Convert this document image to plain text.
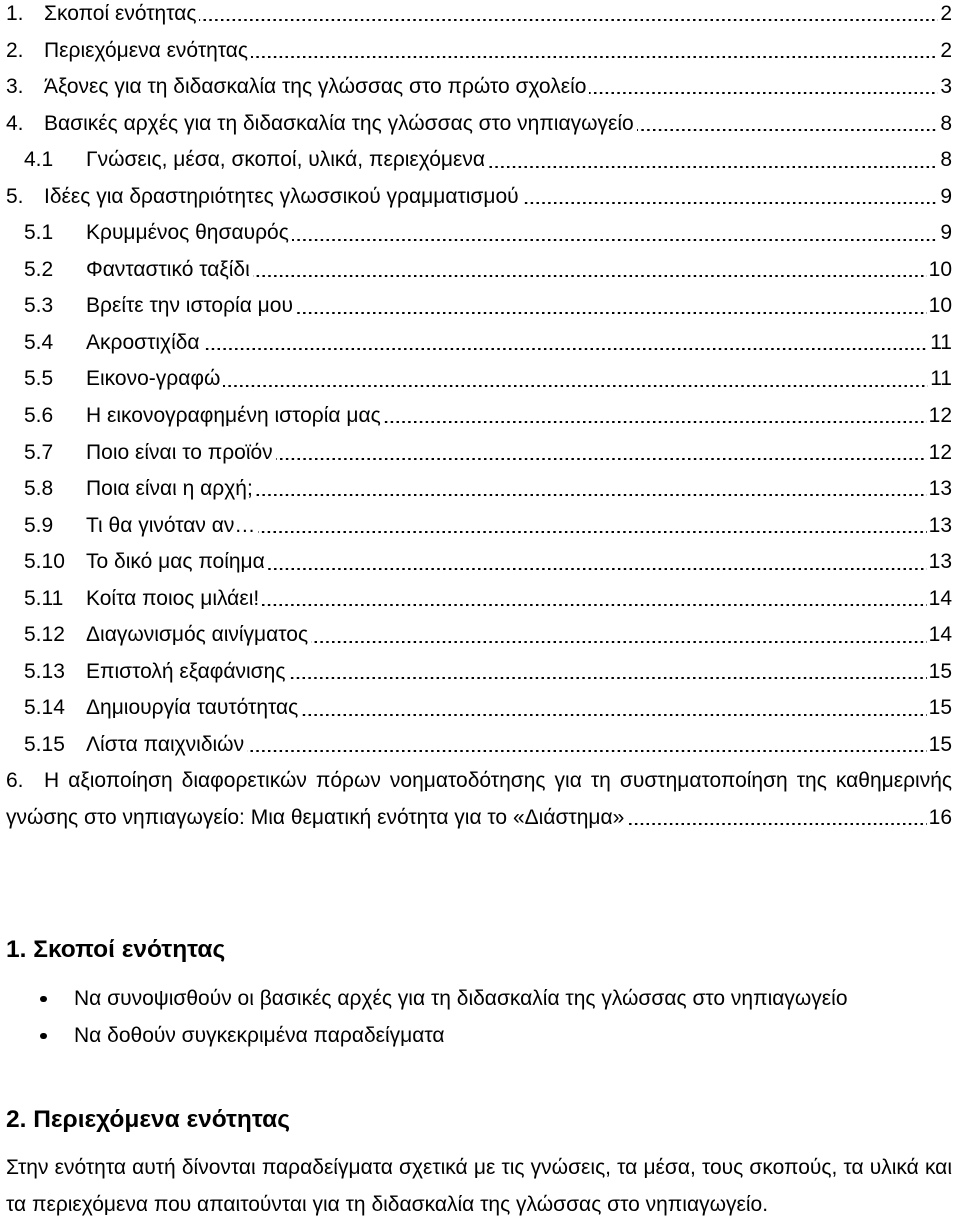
1. Σκοποί ενότητας	2
2. Περιεχόμενα ενότητας	2
3. Άξονες για τη διδασκαλία της γλώσσας στο πρώτο σχολείο	3
4. Βασικές αρχές για τη διδασκαλία της γλώσσας στο νηπιαγωγείο	8
4.1	Γνώσεις, μέσα, σκοποί, υλικά, περιεχόμενα	8
5. Ιδέες για δραστηριότητες γλωσσικού γραμματισμού	9
5.1	Κρυμμένος θησαυρός	9
5.2	Φανταστικό ταξίδι	10
5.3	Βρείτε την ιστορία μου	10
5.4	Ακροστιχίδα	11
5.5	Εικονο-γραφώ	11
5.6	Η εικονογραφημένη ιστορία μας	12
5.7	Ποιο είναι το προϊόν	12
5.8	Ποια είναι η αρχή;	13
5.9	Τι θα γινόταν αν…	13
5.10	Το δικό μας ποίημα	13
5.11	Κοίτα ποιος μιλάει!	14
5.12	Διαγωνισμός αινίγματος	14
5.13	Επιστολή εξαφάνισης	15
5.14	Δημιουργία ταυτότητας	15
5.15	Λίστα παιχνιδιών	15
6. Η αξιοποίηση διαφορετικών πόρων νοηματοδότησης για τη συστηματοποίηση της καθημερινής
γνώσης στο νηπιαγωγείο: Μια θεματική ενότητα για το «Διάστημα»	16
1. Σκοποί ενότητας
Να συνοψισθούν οι βασικές αρχές για τη διδασκαλία της γλώσσας στο νηπιαγωγείο
Να δοθούν συγκεκριμένα παραδείγματα
2. Περιεχόμενα ενότητας

Στην ενότητα αυτή δίνονται παραδείγματα σχετικά με τις γνώσεις, τα μέσα, τους σκοπούς, τα υλικά και τα περιεχόμενα που απαιτούνται για τη διδασκαλία της γλώσσας στο νηπιαγωγείο.
